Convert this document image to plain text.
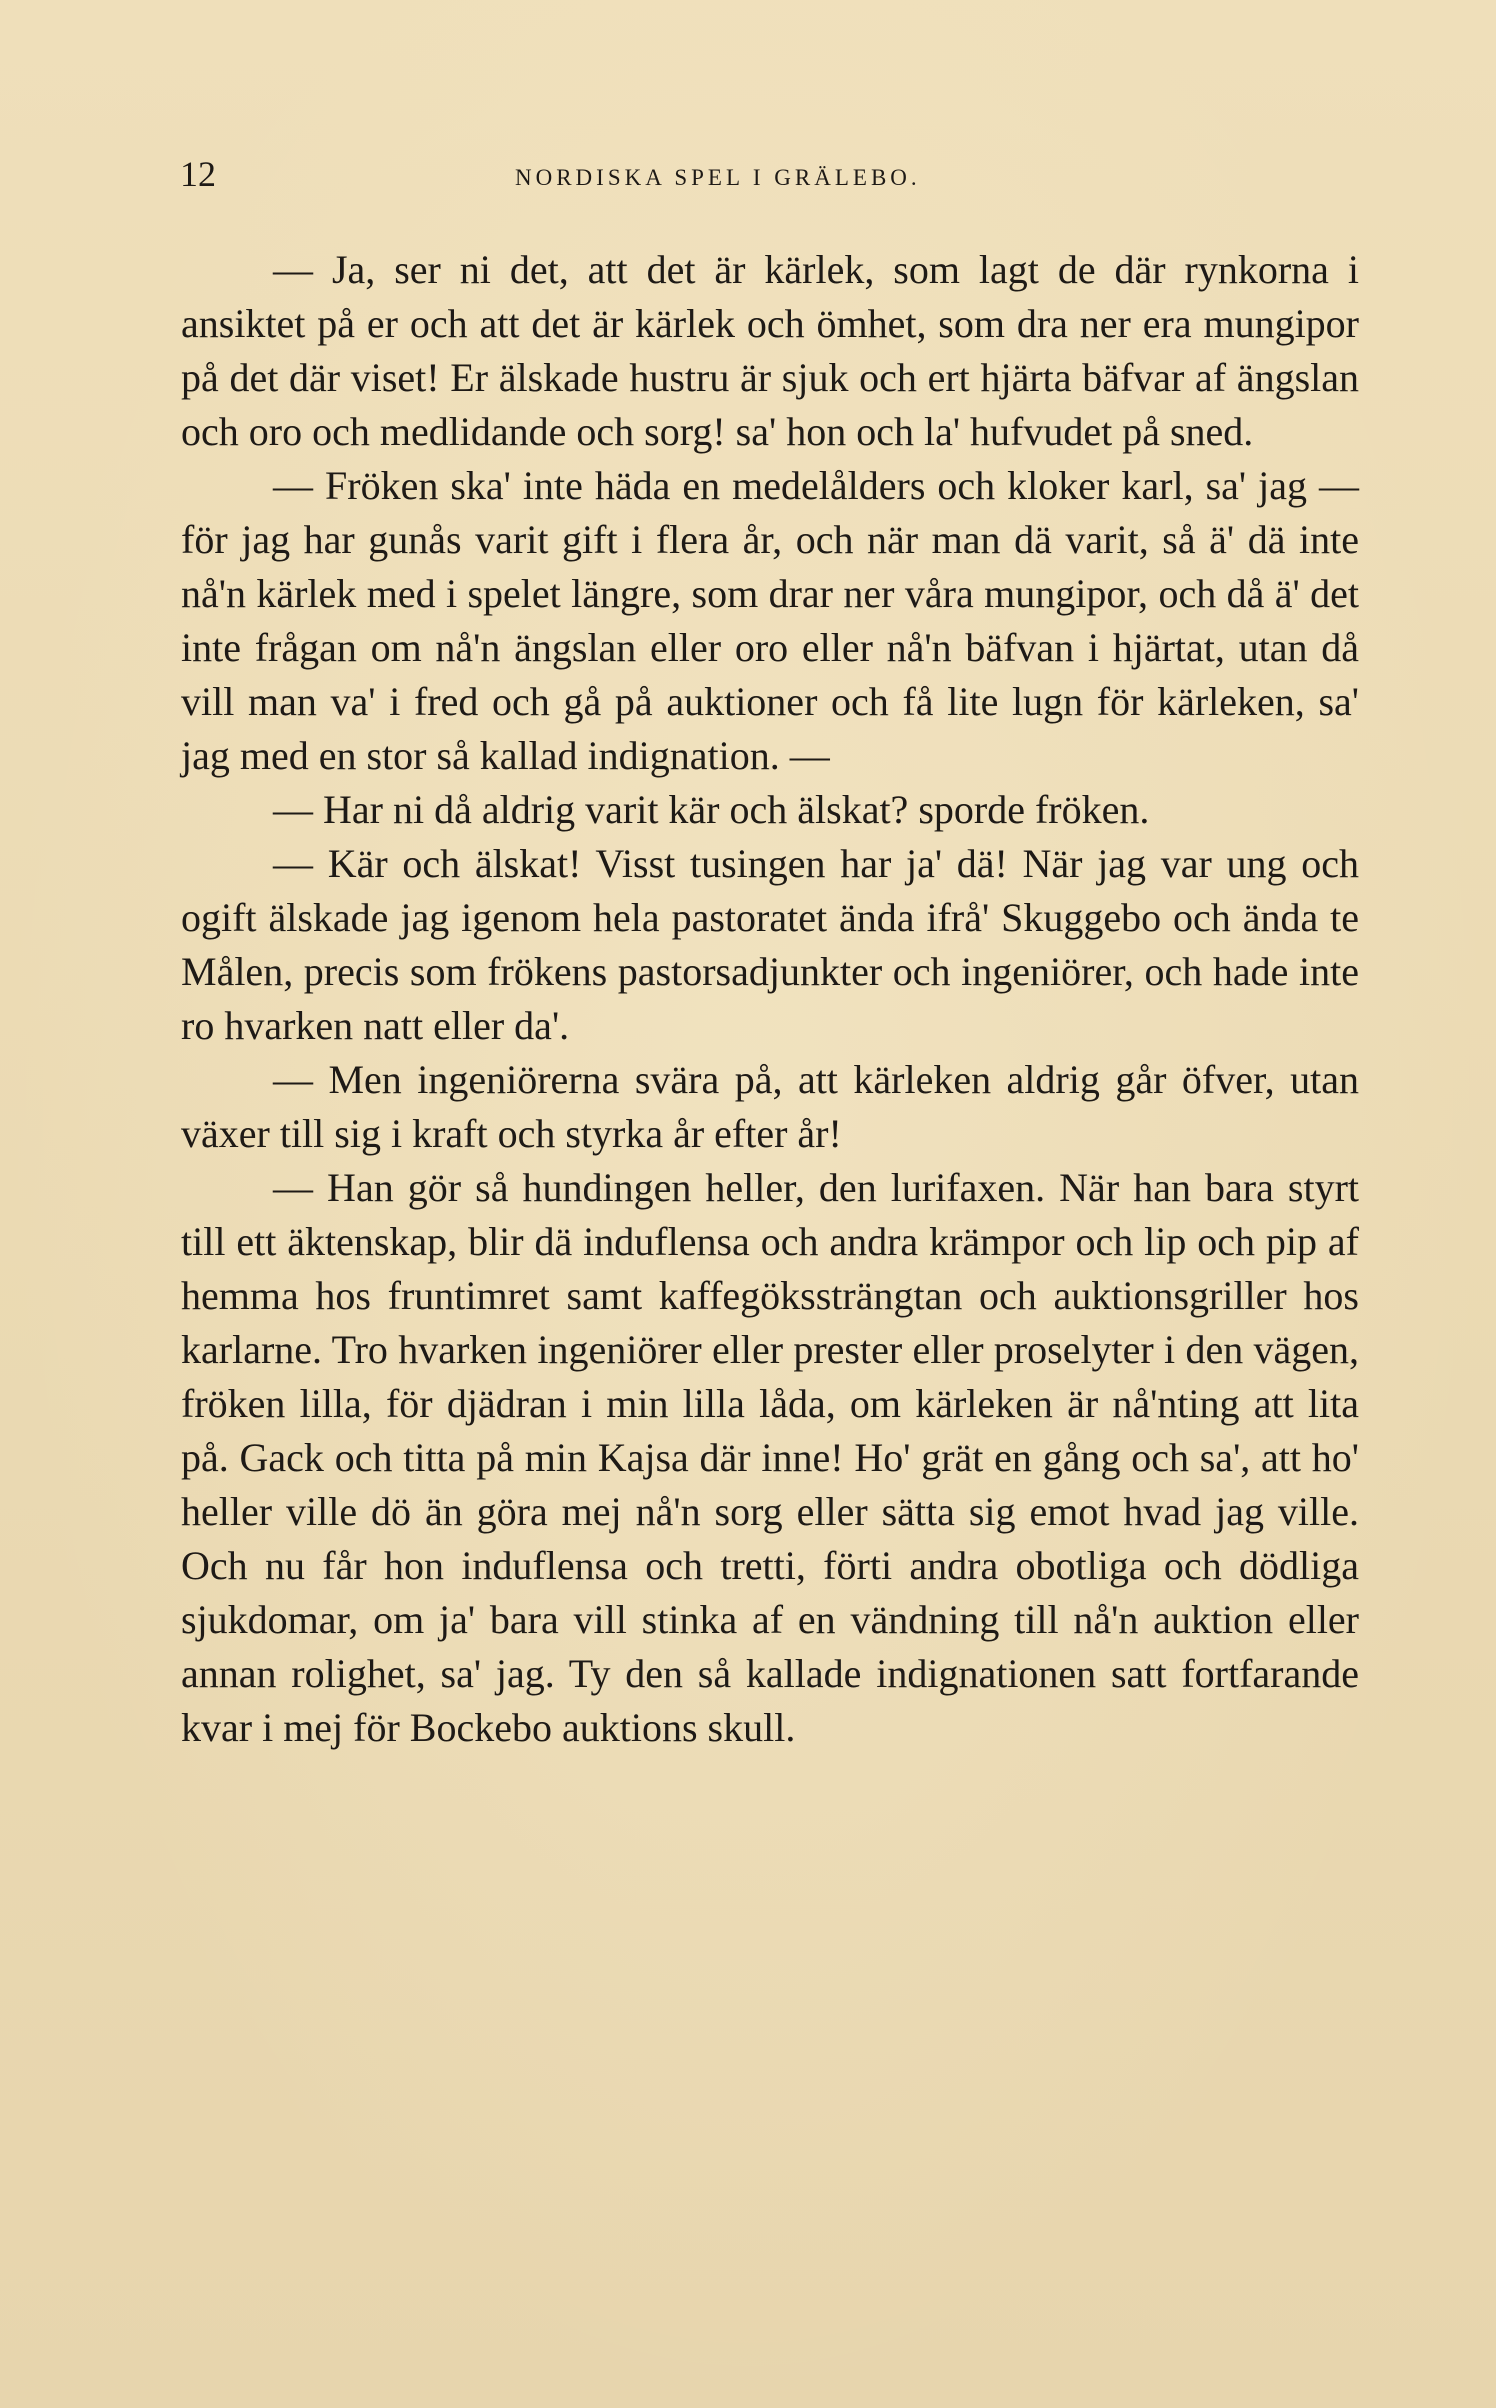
12	NORDISKA SPEL I GRÄLEBO.

— Ja, ser ni det, att det är kärlek, som lagt de där rynkorna i ansiktet på er och att det är kärlek och ömhet, som dra ner era mungipor på det där viset! Er älskade hustru är sjuk och ert hjärta bäfvar af ängslan och oro och medlidande och sorg! sa' hon och la' hufvudet på sned.

— Fröken ska' inte häda en medelålders och kloker karl, sa' jag — för jag har gunås varit gift i flera år, och när man dä varit, så ä' dä inte nå'n kärlek med i spelet längre, som drar ner våra mungipor, och då ä' det inte frågan om nå'n ängslan eller oro eller nå'n bäfvan i hjärtat, utan då vill man va' i fred och gå på auktioner och få lite lugn för kärleken, sa' jag med en stor så kallad indignation. —

— Har ni då aldrig varit kär och älskat? sporde fröken.

— Kär och älskat! Visst tusingen har ja' dä! När jag var ung och ogift älskade jag igenom hela pastoratet ända ifrå' Skuggebo och ända te Målen, precis som frökens pastorsadjunkter och ingeniörer, och hade inte ro hvarken natt eller da'.

— Men ingeniörerna svära på, att kärleken aldrig går öfver, utan växer till sig i kraft och styrka år efter år!

— Han gör så hundingen heller, den lurifaxen. När han bara styrt till ett äktenskap, blir dä induflensa och andra krämpor och lip och pip af hemma hos fruntimret samt kaffegökssträngtan och auktionsgriller hos karlarne. Tro hvarken ingeniörer eller prester eller proselyter i den vägen, fröken lilla, för djädran i min lilla låda, om kärleken är nå'nting att lita på. Gack och titta på min Kajsa där inne! Ho' grät en gång och sa', att ho' heller ville dö än göra mej nå'n sorg eller sätta sig emot hvad jag ville. Och nu får hon induflensa och tretti, förti andra obotliga och dödliga sjukdomar, om ja' bara vill stinka af en vändning till nå'n auktion eller annan rolighet, sa' jag. Ty den så kallade indignationen satt fortfarande kvar i mej för Bockebo auktions skull.
